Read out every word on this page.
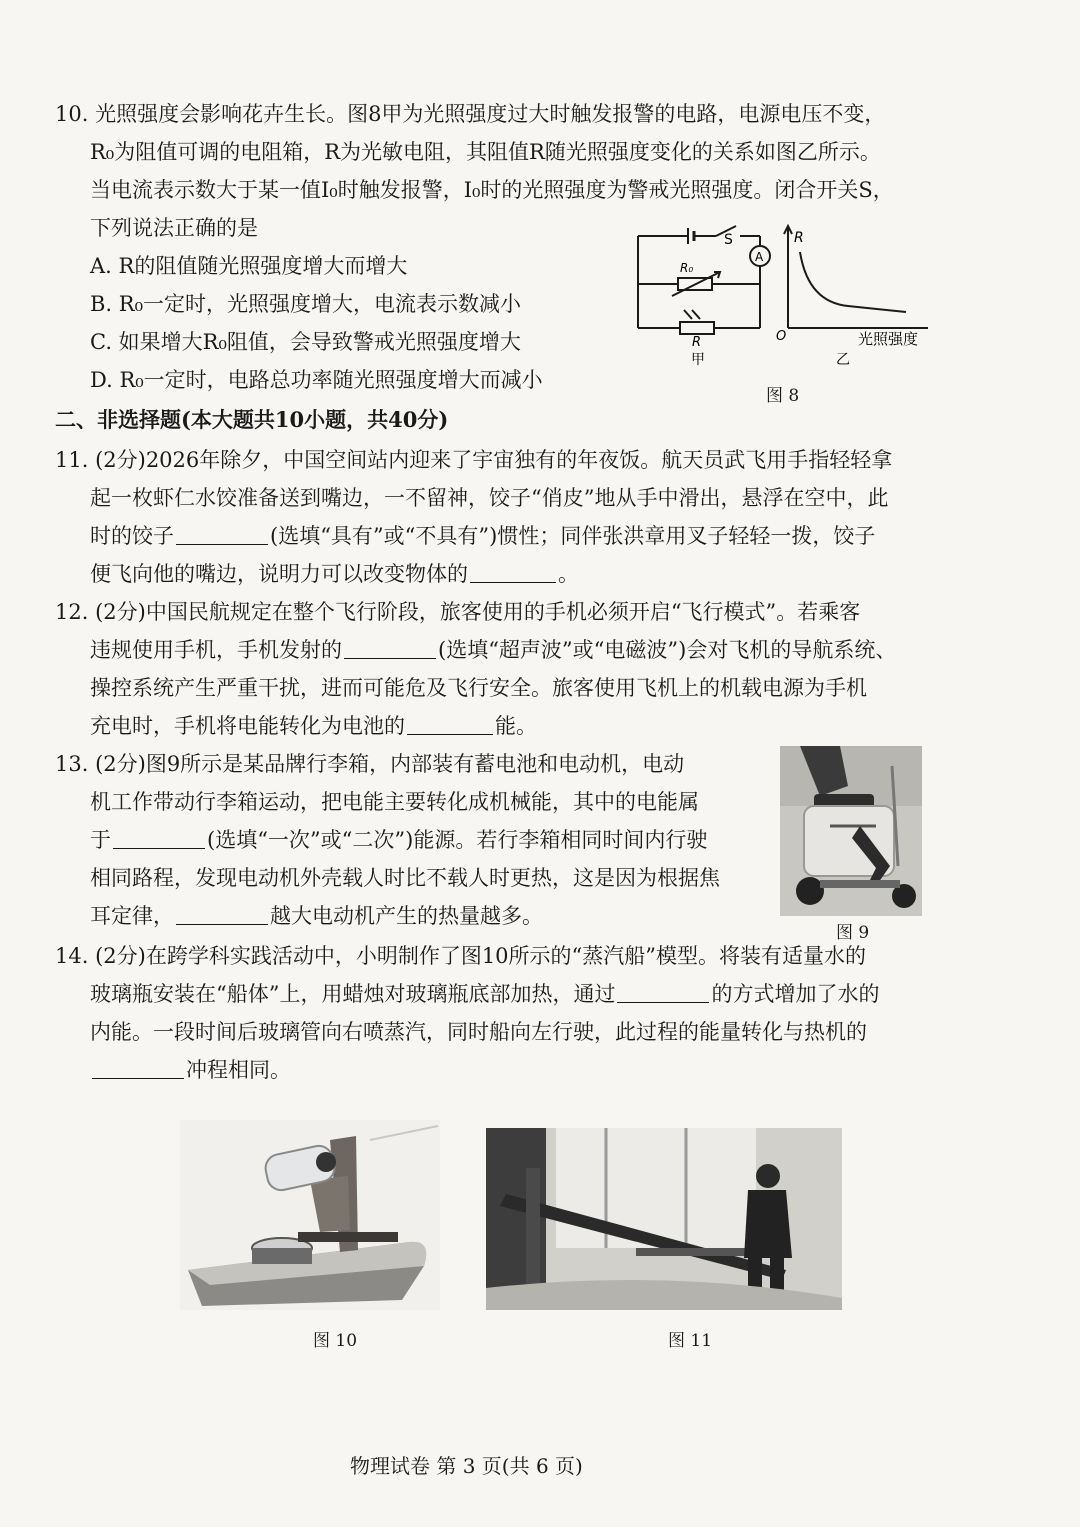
10. 光照强度会影响花卉生长。图8甲为光照强度过大时触发报警的电路，电源电压不变，
R₀为阻值可调的电阻箱，R为光敏电阻，其阻值R随光照强度变化的关系如图乙所示。
当电流表示数大于某一值I₀时触发报警，I₀时的光照强度为警戒光照强度。闭合开关S，
下列说法正确的是
A. R的阻值随光照强度增大而增大
B. R₀一定时，光照强度增大，电流表示数减小
C. 如果增大R₀阻值，会导致警戒光照强度增大
D. R₀一定时，电路总功率随光照强度增大而减小
S
A
R₀
R
甲
R
O	光照强度
乙
图 8
二、非选择题(本大题共10小题，共40分)
11. (2分)2026年除夕，中国空间站内迎来了宇宙独有的年夜饭。航天员武飞用手指轻轻拿
起一枚虾仁水饺准备送到嘴边，一不留神，饺子“俏皮”地从手中滑出，悬浮在空中，此
时的饺子	(选填“具有”或“不具有”)惯性；同伴张洪章用叉子轻轻一拨，饺子
便飞向他的嘴边，说明力可以改变物体的	。
12. (2分)中国民航规定在整个飞行阶段，旅客使用的手机必须开启“飞行模式”。若乘客
违规使用手机，手机发射的	(选填“超声波”或“电磁波”)会对飞机的导航系统、
操控系统产生严重干扰，进而可能危及飞行安全。旅客使用飞机上的机载电源为手机
充电时，手机将电能转化为电池的	能。
13. (2分)图9所示是某品牌行李箱，内部装有蓄电池和电动机，电动
机工作带动行李箱运动，把电能主要转化成机械能，其中的电能属
于	(选填“一次”或“二次”)能源。若行李箱相同时间内行驶
相同路程，发现电动机外壳载人时比不载人时更热，这是因为根据焦
耳定律，	越大电动机产生的热量越多。
图 9
14. (2分)在跨学科实践活动中，小明制作了图10所示的“蒸汽船”模型。将装有适量水的
玻璃瓶安装在“船体”上，用蜡烛对玻璃瓶底部加热，通过	的方式增加了水的
内能。一段时间后玻璃管向右喷蒸汽，同时船向左行驶，此过程的能量转化与热机的
冲程相同。
图 10	图 11
物理试卷 第 3 页(共 6 页)
